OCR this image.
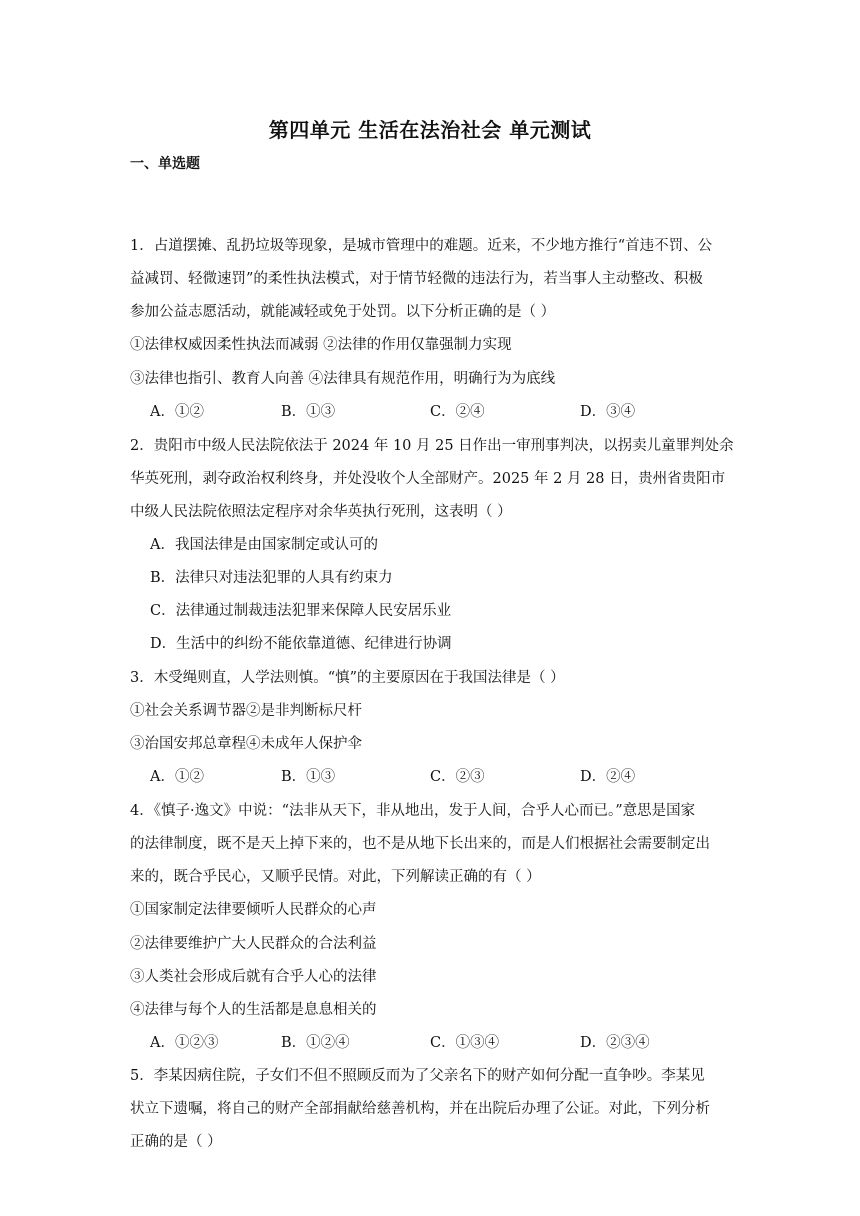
第四单元 生活在法治社会 单元测试
一、单选题
1．占道摆摊、乱扔垃圾等现象，是城市管理中的难题。近来，不少地方推行“首违不罚、公
益减罚、轻微速罚”的柔性执法模式，对于情节轻微的违法行为，若当事人主动整改、积极
参加公益志愿活动，就能减轻或免于处罚。以下分析正确的是（ ）
①法律权威因柔性执法而减弱 ②法律的作用仅靠强制力实现
③法律也指引、教育人向善 ④法律具有规范作用，明确行为为底线
A．①②	B．①③	C．②④	D．③④
2．贵阳市中级人民法院依法于 2024 年 10 月 25 日作出一审刑事判决，以拐卖儿童罪判处余
华英死刑，剥夺政治权利终身，并处没收个人全部财产。2025 年 2 月 28 日，贵州省贵阳市
中级人民法院依照法定程序对余华英执行死刑，这表明（ ）
A．我国法律是由国家制定或认可的
B．法律只对违法犯罪的人具有约束力
C．法律通过制裁违法犯罪来保障人民安居乐业
D．生活中的纠纷不能依靠道德、纪律进行协调
3．木受绳则直，人学法则慎。“慎”的主要原因在于我国法律是（ ）
①社会关系调节器②是非判断标尺杆
③治国安邦总章程④未成年人保护伞
A．①②	B．①③	C．②③	D．②④
4．《慎子·逸文》中说：“法非从天下，非从地出，发于人间，合乎人心而已。”意思是国家
的法律制度，既不是天上掉下来的，也不是从地下长出来的，而是人们根据社会需要制定出
来的，既合乎民心，又顺乎民情。对此，下列解读正确的有（ ）
①国家制定法律要倾听人民群众的心声
②法律要维护广大人民群众的合法利益
③人类社会形成后就有合乎人心的法律
④法律与每个人的生活都是息息相关的
A．①②③	B．①②④	C．①③④	D．②③④
5．李某因病住院，子女们不但不照顾反而为了父亲名下的财产如何分配一直争吵。李某见
状立下遗嘱，将自己的财产全部捐献给慈善机构，并在出院后办理了公证。对此，下列分析
正确的是（ ）
